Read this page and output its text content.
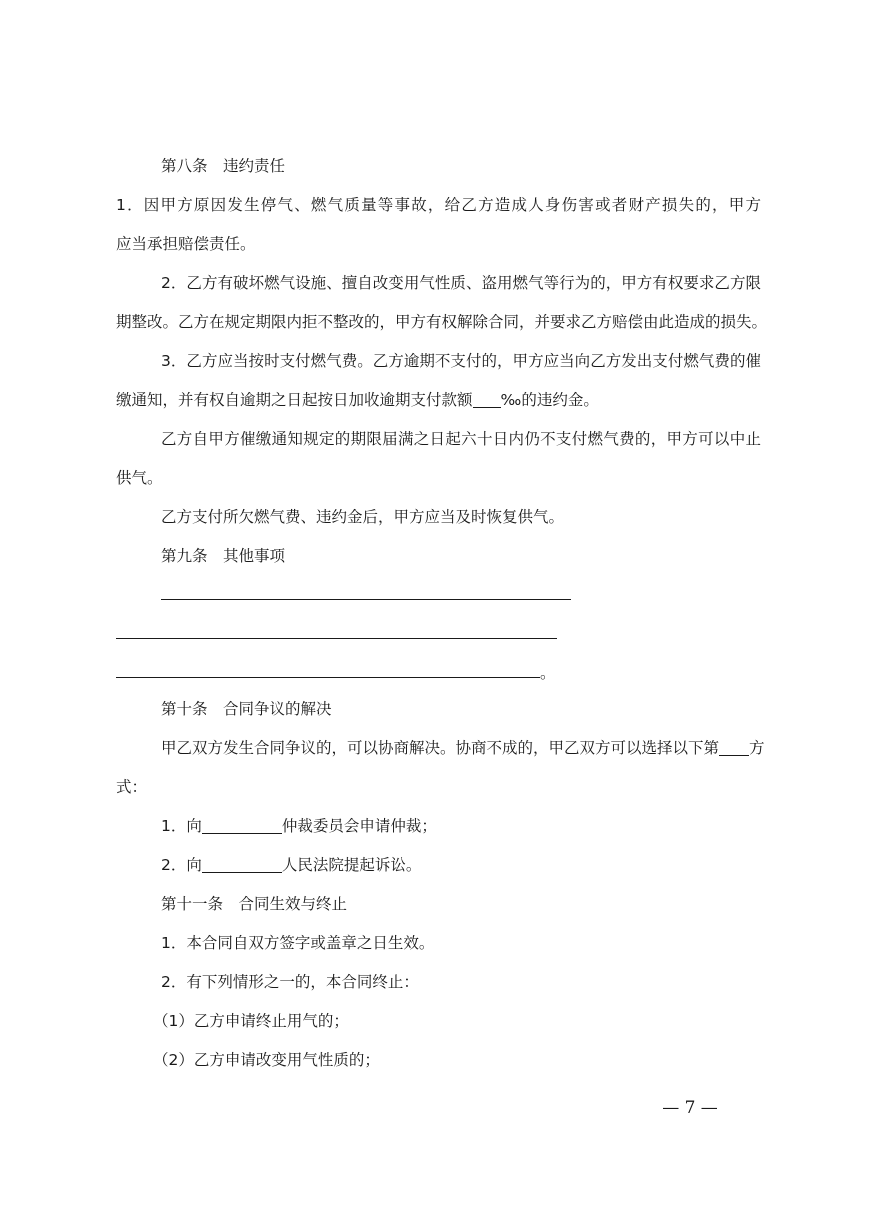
第八条　违约责任
1．因甲方原因发生停气、燃气质量等事故，给乙方造成人身伤害或者财产损失的，甲方
应当承担赔偿责任。
2．乙方有破坏燃气设施、擅自改变用气性质、盗用燃气等行为的，甲方有权要求乙方限
期整改。乙方在规定期限内拒不整改的，甲方有权解除合同，并要求乙方赔偿由此造成的损失。
3．乙方应当按时支付燃气费。乙方逾期不支付的，甲方应当向乙方发出支付燃气费的催
缴通知，并有权自逾期之日起按日加收逾期支付款额 ‰的违约金。
乙方自甲方催缴通知规定的期限届满之日起六十日内仍不支付燃气费的，甲方可以中止
供气。
乙方支付所欠燃气费、违约金后，甲方应当及时恢复供气。
第九条　其他事项
。
第十条　合同争议的解决
甲乙双方发生合同争议的，可以协商解决。协商不成的，甲乙双方可以选择以下第	方
式：
1．向	仲裁委员会申请仲裁；
2．向	人民法院提起诉讼。
第十一条　合同生效与终止
1．本合同自双方签字或盖章之日生效。
2．有下列情形之一的，本合同终止：
（1）乙方申请终止用气的；
（2）乙方申请改变用气性质的；
— 7 —
